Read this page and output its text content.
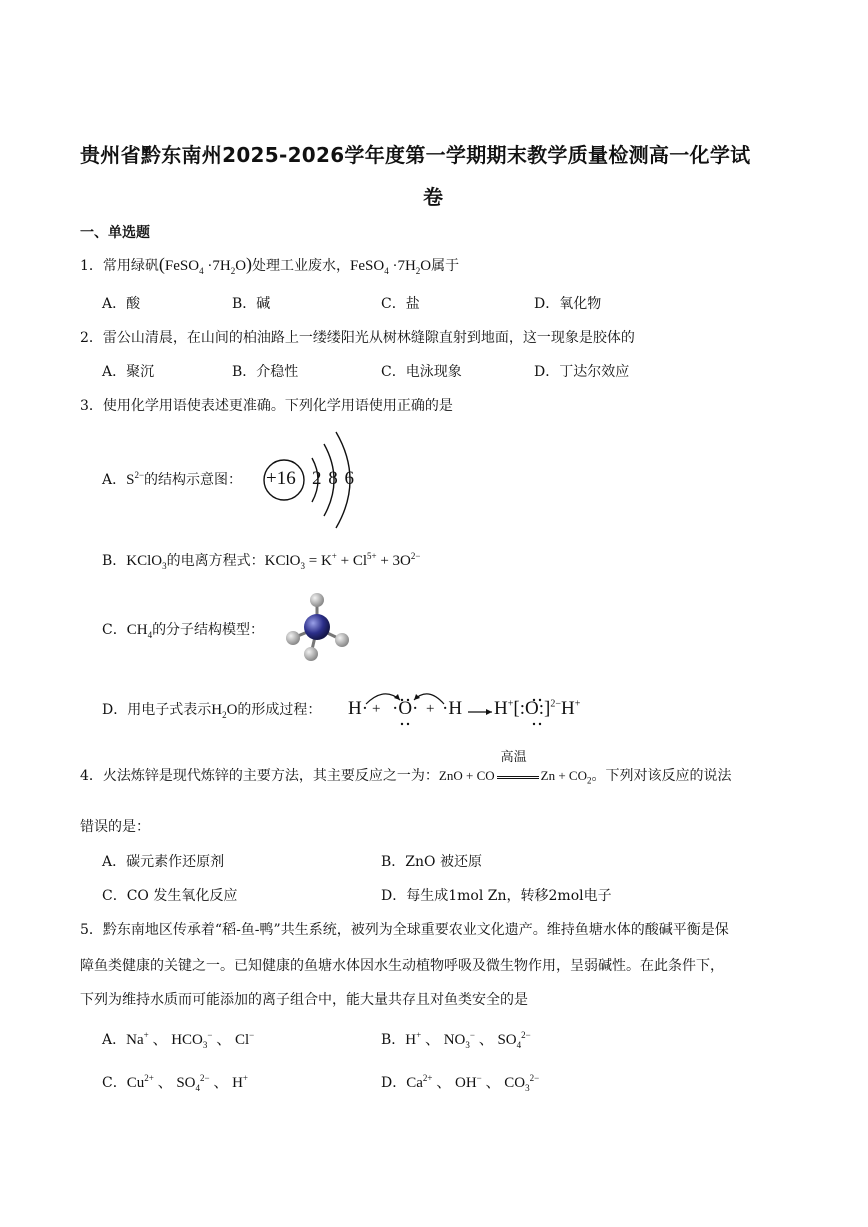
贵州省黔东南州2025-2026学年度第一学期期末教学质量检测高一化学试
卷
一、单选题
1．常用绿矾(FeSO$_4$ $\cdot 7H_2O$)处理工业废水，FeSO$_4$ $\cdot 7H_2O$属于
A．酸	B．碱	C．盐	D．氧化物
2．雷公山清晨，在山间的柏油路上一缕缕阳光从树林缝隙直射到地面，这一现象是胶体的
A．聚沉	B．介稳性	C．电泳现象	D．丁达尔效应
3．使用化学用语使表述更准确。下列化学用语使用正确的是
A．$S^{2-}$的结构示意图： +16 2 8 6
B．KClO$_3$的电离方程式：KClO$_3$ = $K^+ + Cl^{5+} + 3O^{2-}$
C．$CH_4$的分子结构模型：
D．用电子式表示$H_2O$的形成过程： H· + ·O· + ·H H+[:O:]$^{2-}$H+
4．火法炼锌是现代炼锌的主要方法，其主要反应之一为：ZnO + CO
高温
$Zn + CO_2$。下列对该反应的说法
错误的是：
A．碳元素作还原剂	B．ZnO 被还原
C．CO 发生氧化反应	D．每生成1mol Zn，转移2mol电子
5．黔东南地区传承着“稻-鱼-鸭”共生系统，被列为全球重要农业文化遗产。维持鱼塘水体的酸碱平衡是保
障鱼类健康的关键之一。已知健康的鱼塘水体因水生动植物呼吸及微生物作用，呈弱碱性。在此条件下，
下列为维持水质而可能添加的离子组合中，能大量共存且对鱼类安全的是
A．Na+ 、 $HCO_3^-$ 、 Cl−	B．H+ 、 $NO_3^-$ 、 $SO_4^{2-}$
C．$Cu^{2+}$ 、 $SO_4^{2-}$ 、 H+	D．$Ca^{2+}$ 、 OH− 、 $CO_3^{2-}$
